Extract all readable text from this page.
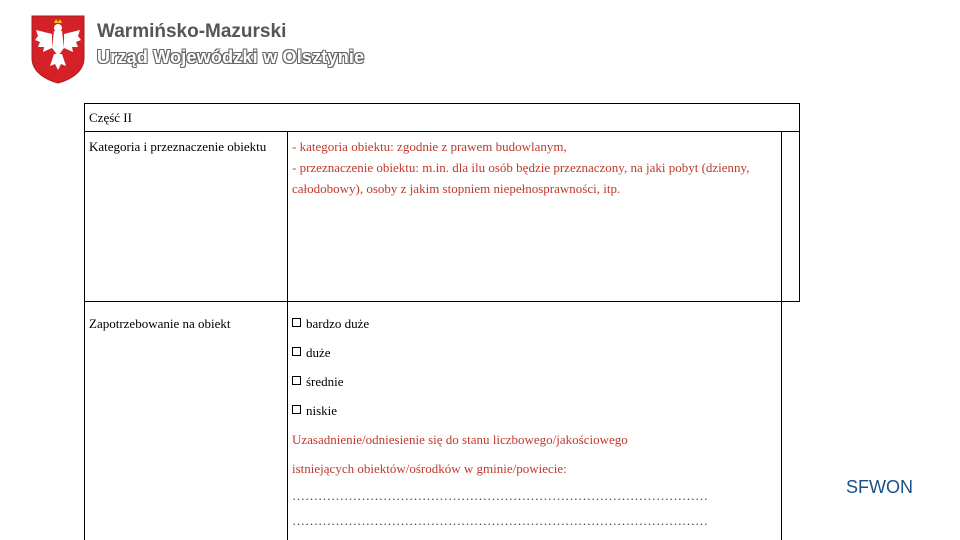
Warmińsko-Mazurski
Urząd Wojewódzki w Olsztynie
Część II
Kategoria i przeznaczenie obiektu	- kategoria obiektu: zgodnie z prawem budowlanym,
- przeznaczenie obiektu: m.in. dla ilu osób będzie przeznaczony, na jaki pobyt (dzienny, całodobowy), osoby z jakim stopniem niepełnosprawności, itp.
Zapotrzebowanie na obiekt	bardzo duże
duże
średnie
niskie
Uzasadnienie/odniesienie się do stanu liczbowego/jakościowego
istniejących obiektów/ośrodków w gminie/powiecie:
……………………………………………………………………………………
……………………………………………………………………………………
SFWON
